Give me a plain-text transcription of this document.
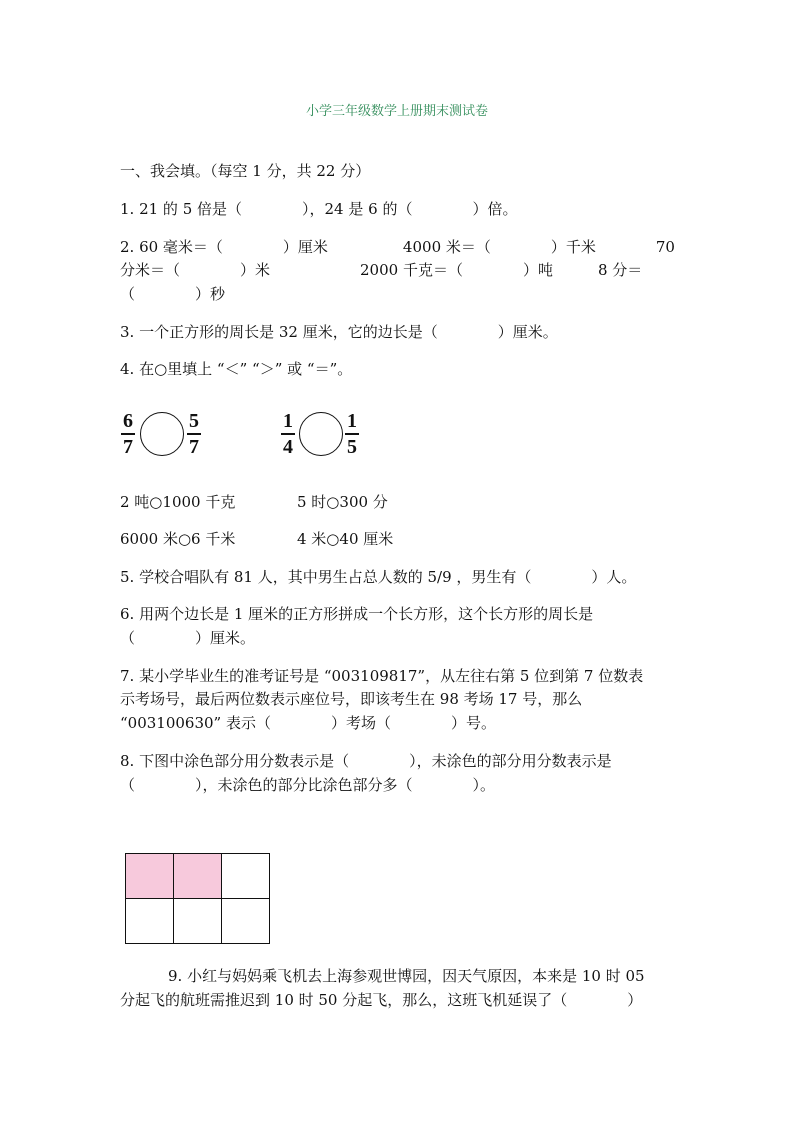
小学三年级数学上册期末测试卷
一、我会填。（每空 1 分，共 22 分）
1. 21 的 5 倍是（　　　　），24 是 6 的（　　　　）倍。
2. 60 毫米＝（　　　　）厘米　　　　　4000 米＝（　　　　）千米　　　　70
分米＝（　　　　）米　　　　　　2000 千克＝（　　　　）吨　　　8 分＝
（　　　　）秒
3. 一个正方形的周长是 32 厘米，它的边长是（　　　　）厘米。
4. 在○里填上 “＜” “＞” 或 “＝”。
6
7
5
7
1
4
1
5
2 吨○1000 千克	5 时○300 分
6000 米○6 千米	4 米○40 厘米
5. 学校合唱队有 81 人，其中男生占总人数的 5/9 ，男生有（　　　　）人。
6. 用两个边长是 1 厘米的正方形拼成一个长方形，这个长方形的周长是
（　　　　）厘米。
7. 某小学毕业生的准考证号是 “003109817”，从左往右第 5 位到第 7 位数表
示考场号，最后两位数表示座位号，即该考生在 98 考场 17 号，那么
“003100630” 表示（　　　　）考场（　　　　）号。
8. 下图中涂色部分用分数表示是（　　　　），未涂色的部分用分数表示是
（　　　　），未涂色的部分比涂色部分多（　　　　）。

9. 小红与妈妈乘飞机去上海参观世博园，因天气原因，本来是 10 时 05
分起飞的航班需推迟到 10 时 50 分起飞，那么，这班飞机延误了（　　　　）
